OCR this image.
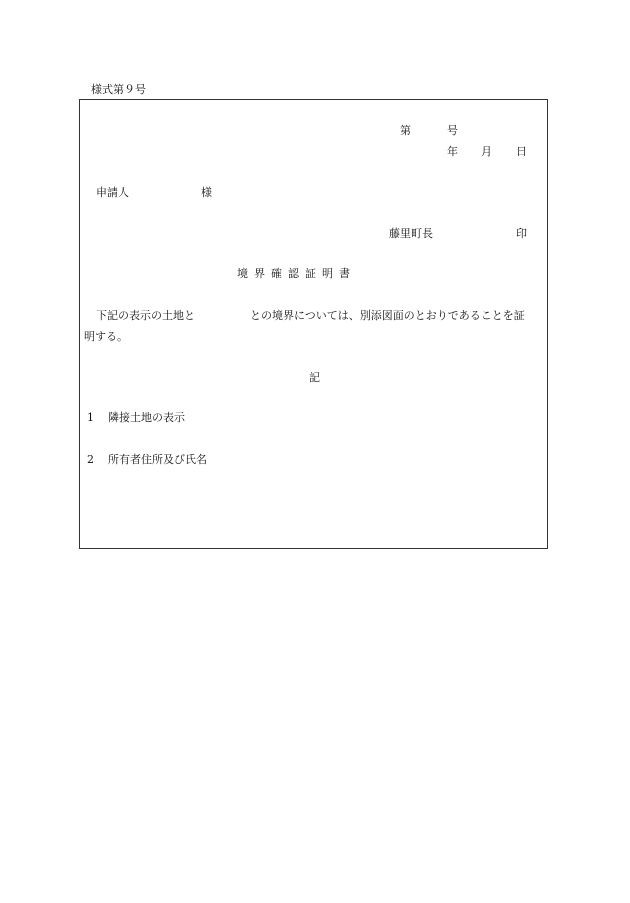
様式第９号
第	号
年 月 日
申請人	様
藤里町長	印
境界確認証明書
下記の表示の土地と	との境界については、別添図面のとおりであることを証
明する。
記
1 隣接土地の表示
2 所有者住所及び氏名
